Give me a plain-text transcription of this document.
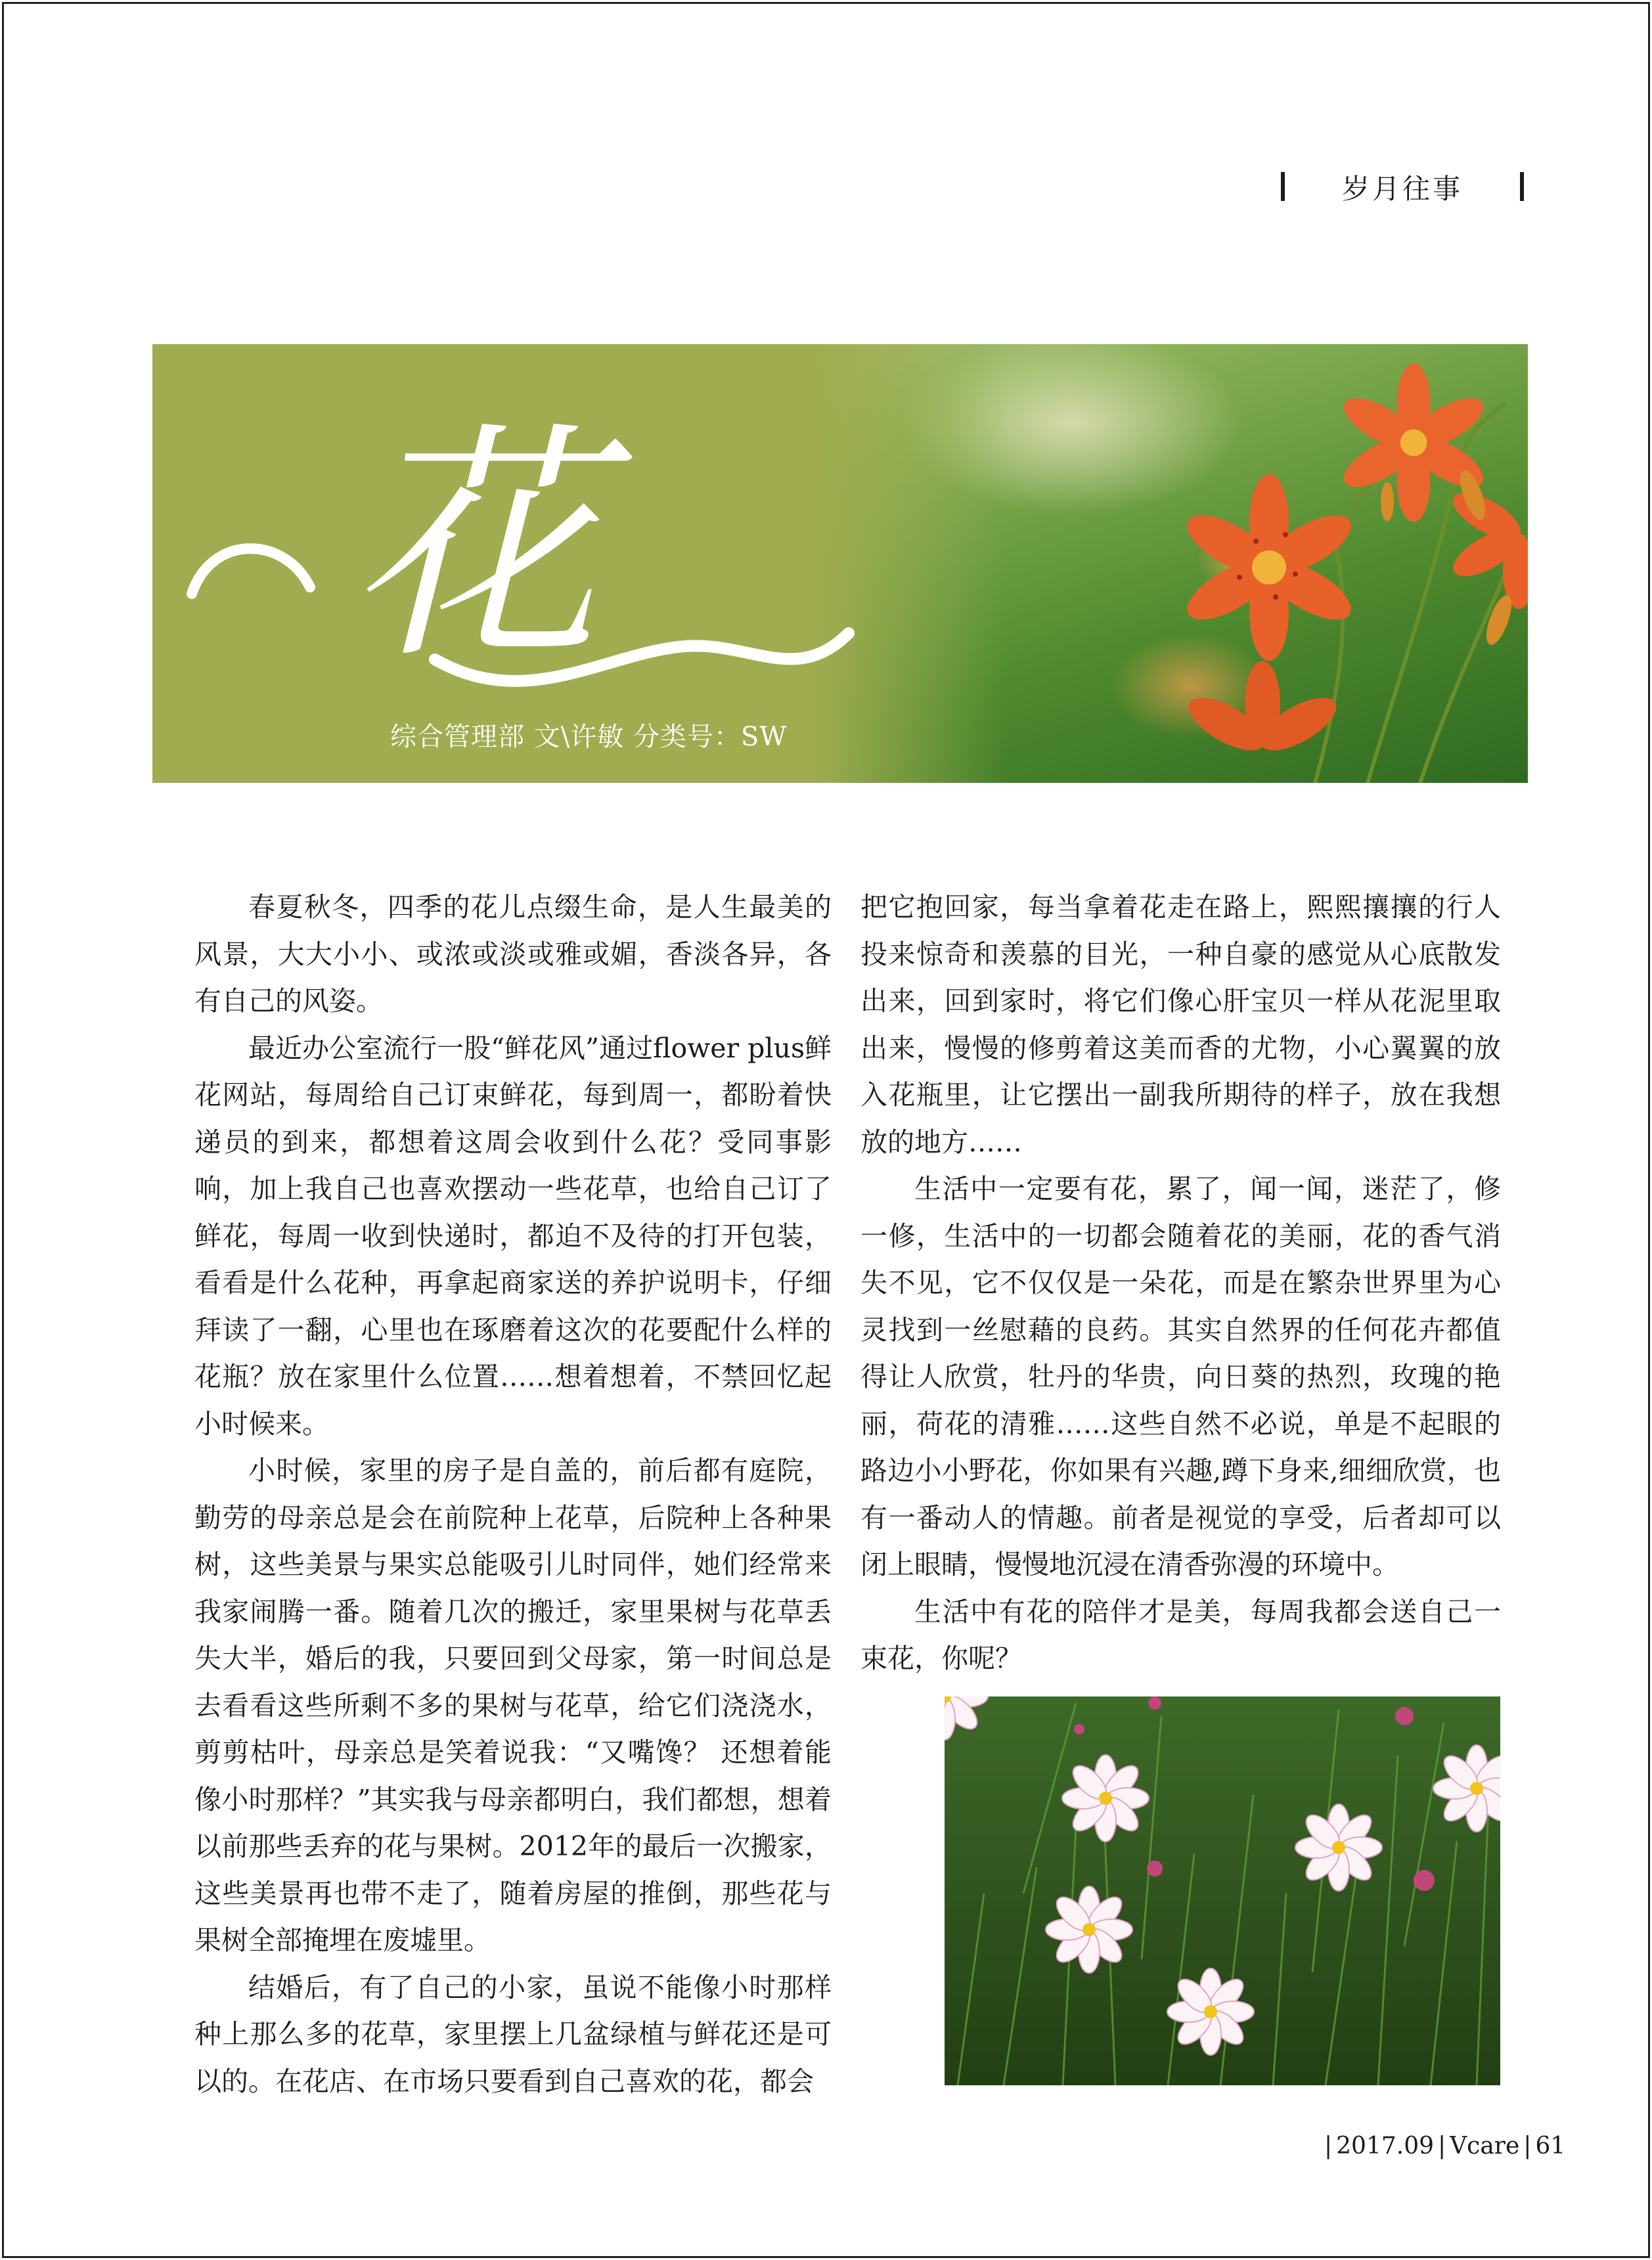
岁月往事
花
综合管理部 文\许敏 分类号：SW

春夏秋冬，四季的花儿点缀生命，是人生最美的风景，大大小小、或浓或淡或雅或媚，香淡各异，各有自己的风姿。

最近办公室流行一股“鲜花风”通过flower plus鲜花网站，每周给自己订束鲜花，每到周一，都盼着快递员的到来，都想着这周会收到什么花？受同事影响，加上我自己也喜欢摆动一些花草，也给自己订了鲜花，每周一收到快递时，都迫不及待的打开包装，看看是什么花种，再拿起商家送的养护说明卡，仔细拜读了一翻，心里也在琢磨着这次的花要配什么样的花瓶？放在家里什么位置……想着想着，不禁回忆起小时候来。

小时候，家里的房子是自盖的，前后都有庭院，勤劳的母亲总是会在前院种上花草，后院种上各种果树，这些美景与果实总能吸引儿时同伴，她们经常来我家闹腾一番。随着几次的搬迁，家里果树与花草丢失大半，婚后的我，只要回到父母家，第一时间总是去看看这些所剩不多的果树与花草，给它们浇浇水，剪剪枯叶，母亲总是笑着说我：“又嘴馋？ 还想着能像小时那样？”其实我与母亲都明白，我们都想，想着以前那些丢弃的花与果树。2012年的最后一次搬家，这些美景再也带不走了，随着房屋的推倒，那些花与果树全部掩埋在废墟里。

结婚后，有了自己的小家，虽说不能像小时那样种上那么多的花草，家里摆上几盆绿植与鲜花还是可以的。在花店、在市场只要看到自己喜欢的花，都会

把它抱回家，每当拿着花走在路上，熙熙攘攘的行人投来惊奇和羡慕的目光，一种自豪的感觉从心底散发出来，回到家时，将它们像心肝宝贝一样从花泥里取出来，慢慢的修剪着这美而香的尤物，小心翼翼的放入花瓶里，让它摆出一副我所期待的样子，放在我想放的地方……

生活中一定要有花，累了，闻一闻，迷茫了，修一修，生活中的一切都会随着花的美丽，花的香气消失不见，它不仅仅是一朵花，而是在繁杂世界里为心灵找到一丝慰藉的良药。其实自然界的任何花卉都值得让人欣赏，牡丹的华贵，向日葵的热烈，玫瑰的艳丽，荷花的清雅……这些自然不必说，单是不起眼的路边小小野花，你如果有兴趣,蹲下身来,细细欣赏，也有一番动人的情趣。前者是视觉的享受，后者却可以闭上眼睛，慢慢地沉浸在清香弥漫的环境中。

生活中有花的陪伴才是美，每周我都会送自己一束花，你呢？

| 2017.09 | Vcare | 61
